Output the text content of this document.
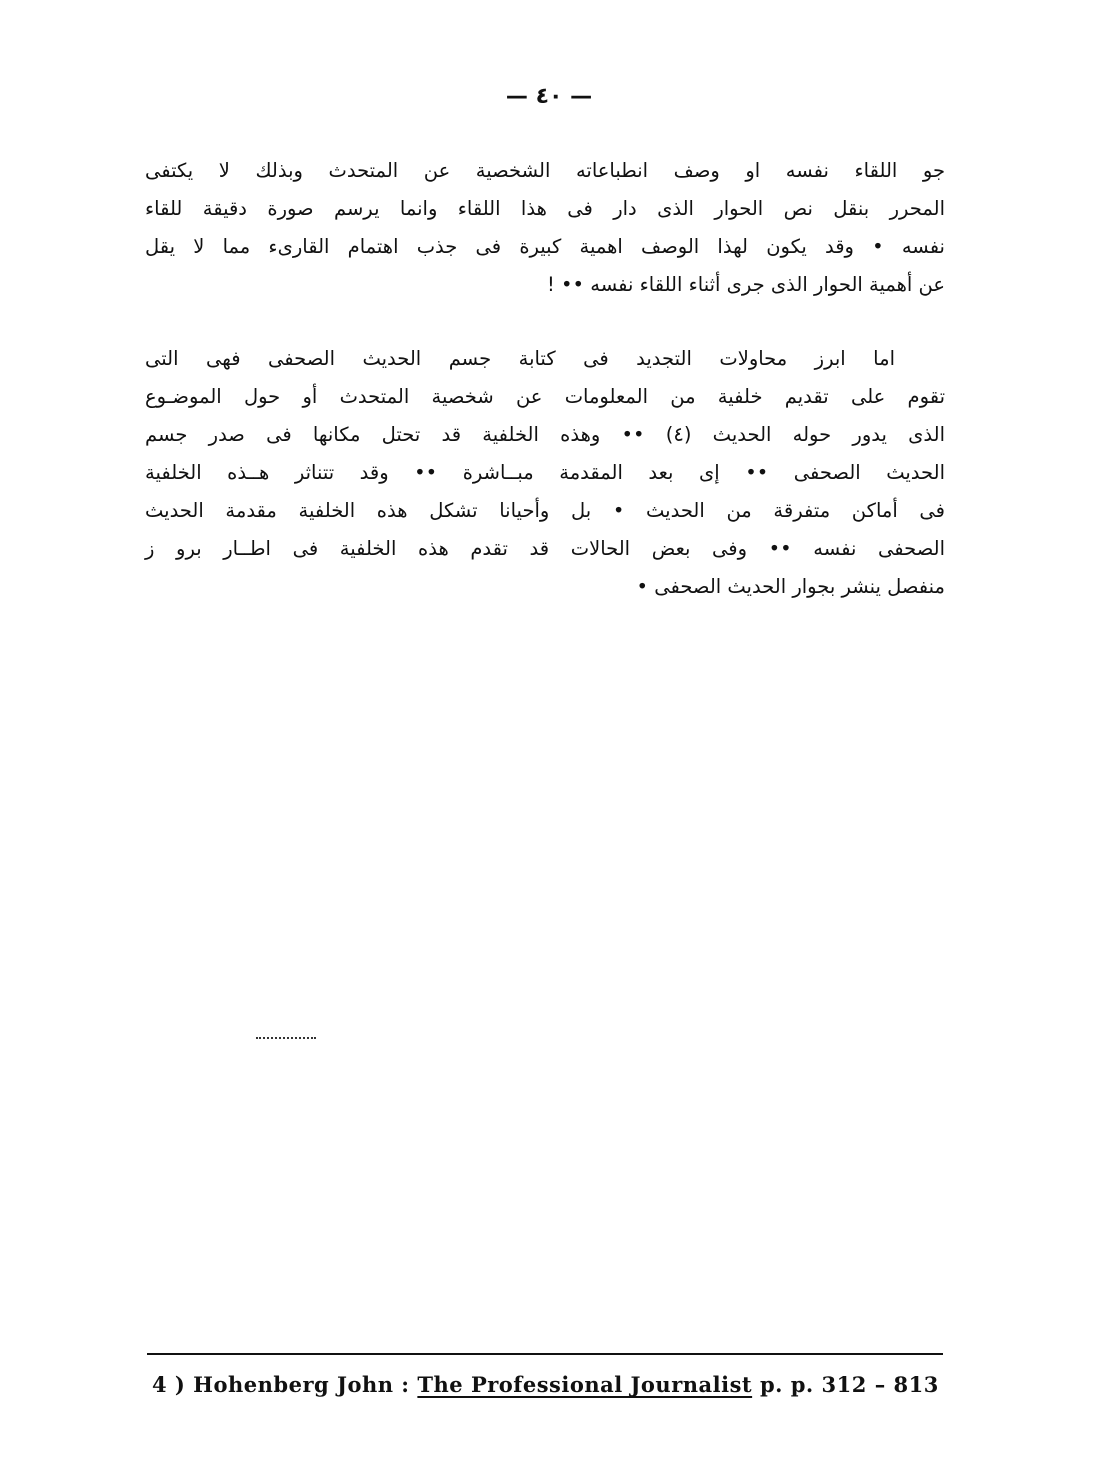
— ٤٠ —
جو اللقاء نفسه او وصف انطباعاته الشخصية عن المتحدث وبذلك لا يكتفى
المحرر بنقل نص الحوار الذى دار فى هذا اللقاء وانما يرسم صورة دقيقة للقاء
نفسه • وقد يكون لهذا الوصف اهمية كبيرة فى جذب اهتمام القارىء مما لا يقل
عن أهمية الحوار الذى جرى أثناء اللقاء نفسه •• !
اما ابرز محاولات التجديد فى كتابة جسم الحديث الصحفى فهى التى
تقوم على تقديم خلفية من المعلومات عن شخصية المتحدث أو حول الموضـوع
الذى يدور حوله الحديث (٤) •• وهذه الخلفية قد تحتل مكانها فى صدر جسم
الحديث الصحفى •• إى بعد المقدمة مبــاشرة •• وقد تتناثر هــذه الخلفية
فى أماكن متفرقة من الحديث • بل وأحيانا تشكل هذه الخلفية مقدمة الحديث
الصحفى نفسه •• وفى بعض الحالات قد تقدم هذه الخلفية فى اطــار برو ز
منفصل ينشر بجوار الحديث الصحفى •
4 ) Hohenberg John : The Professional Journalist p. p. 312 – 813
